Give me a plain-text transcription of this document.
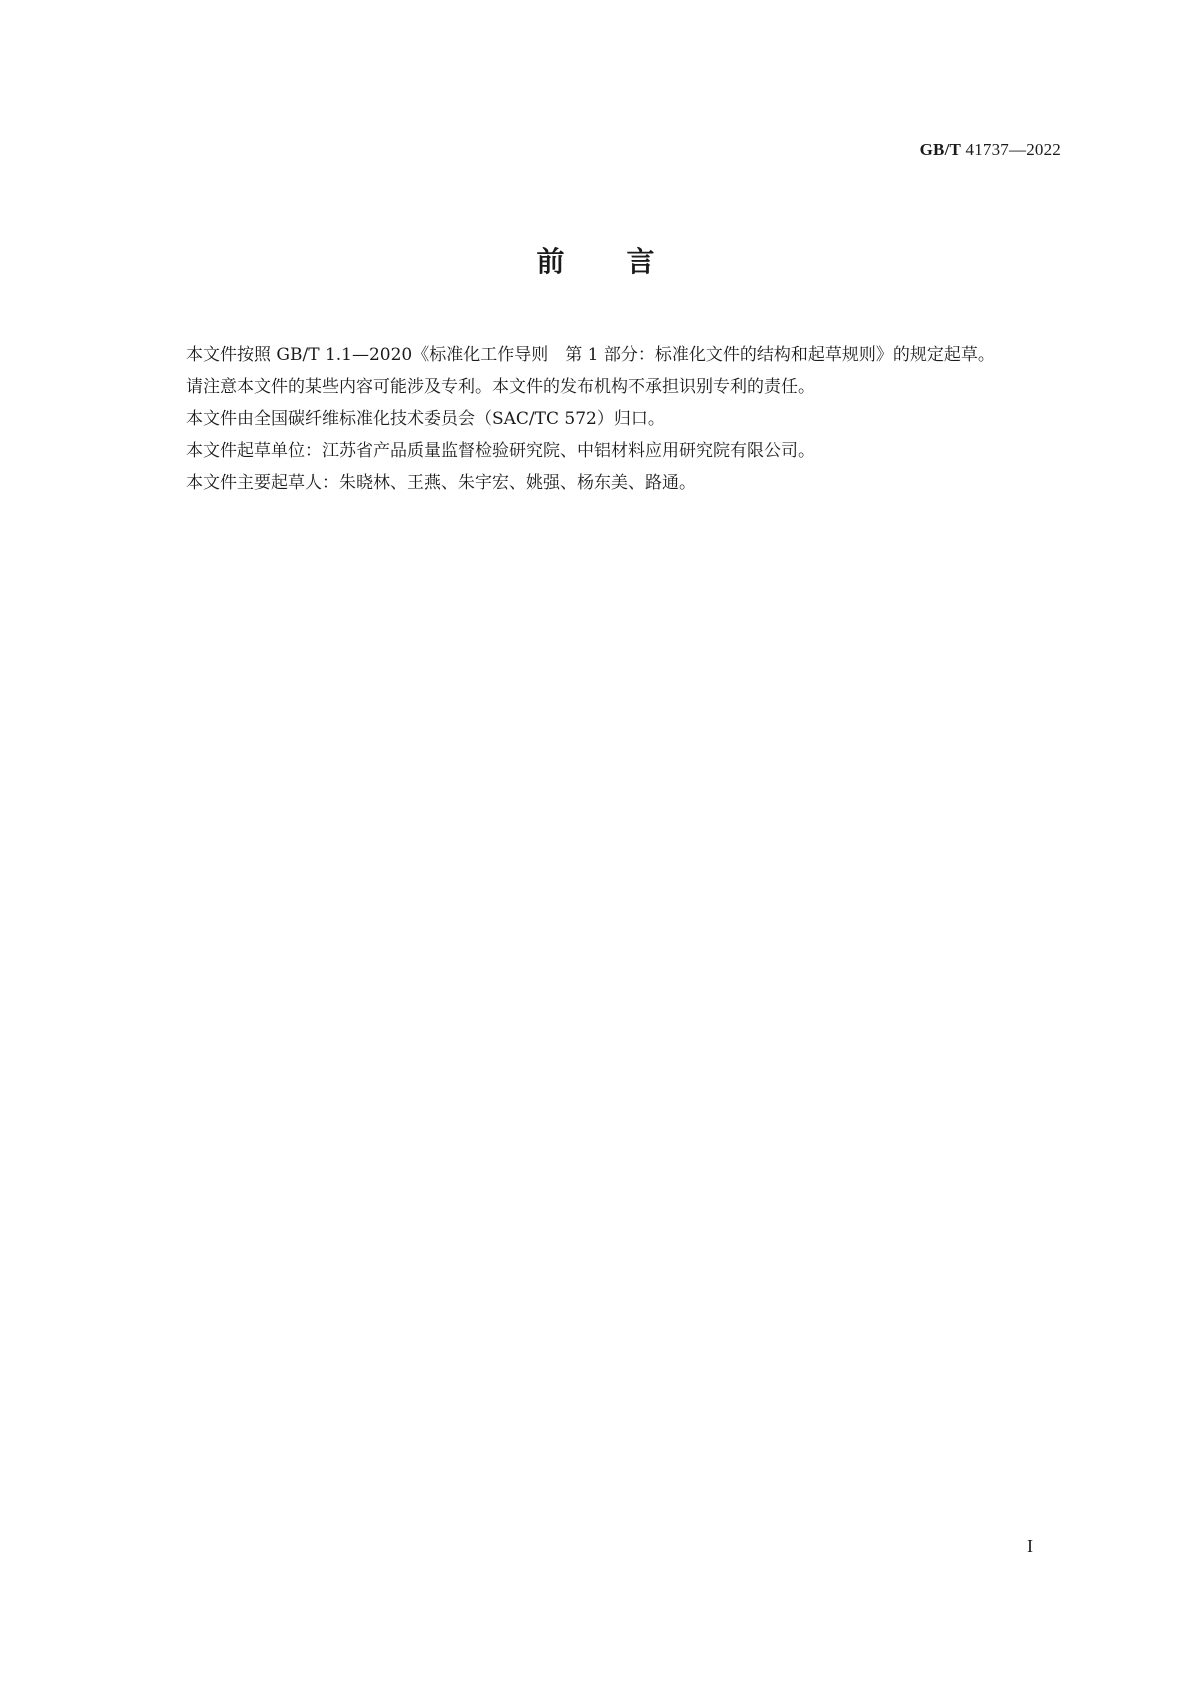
GB/T 41737—2022
前言

本文件按照 GB/T 1.1—2020《标准化工作导则　第 1 部分：标准化文件的结构和起草规则》的规定起草。

请注意本文件的某些内容可能涉及专利。本文件的发布机构不承担识别专利的责任。

本文件由全国碳纤维标准化技术委员会（SAC/TC 572）归口。

本文件起草单位：江苏省产品质量监督检验研究院、中铝材料应用研究院有限公司。

本文件主要起草人：朱晓林、王燕、朱宇宏、姚强、杨东美、路通。

I
